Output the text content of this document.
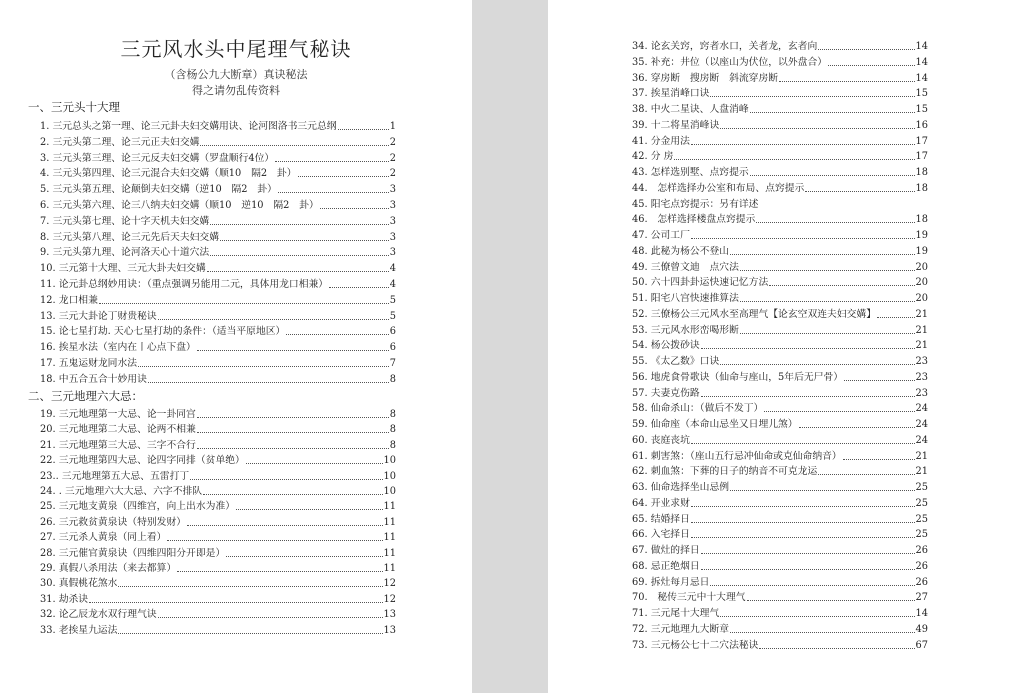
三元风水头中尾理气秘诀
（含杨公九大断章）真诀秘法
得之请勿乱传资料
一、三元头十大理
1. 三元总头之第一理、论三元卦夫妇交媾用诀、论河图洛书三元总纲	1
2. 三元头第二理、论三元正夫妇交媾	2
3. 三元头第三理、论三元反夫妇交媾（罗盘顺行4位）	2
4. 三元头第四理、论三元混合夫妇交媾（顺10　隔2　卦）	2
5. 三元头第五理、论颠倒夫妇交媾（逆10　隔2　卦）	3
6. 三元头第六理、论三八纳夫妇交媾（顺10　逆10　隔2　卦）	3
7. 三元头第七理、论十字天机夫妇交媾	3
8. 三元头第八理、论三元先后天夫妇交媾	3
9. 三元头第九理、论河洛天心十道穴法	3
10. 三元第十大理、三元大卦夫妇交媾	4
11. 论元卦总纲妙用诀：（重点强调另能用二元，具体用龙口相兼）	4
12. 龙口相兼	5
13. 三元大卦论丁财贵秘诀	5
15. 论七星打劫. 天心七星打劫的条件：（适当平原地区）	6
16. 挨星水法（室内在丨心点下盘）	6
17. 五鬼运财龙同水法	7
18. 中五合五合十妙用诀	8
二、三元地理六大忌：
19. 三元地理第一大忌、论一卦同宫	8
20. 三元地理第二大忌、论两不相兼	8
21. 三元地理第三大忌、三字不合行	8
22. 三元地理第四大忌、论四字同排（贫单绝）	10
23.. 三元地理第五大忌、五雷打丁	10
24. . 三元地理六大大忌、六字不排队	10
25. 三元地支黄泉（四维宫，向上出水为准）	11
26. 三元救贫黄泉诀（特别发财）	11
27. 三元杀人黄泉（同上看）	11
28. 三元催官黄泉诀（四维四阳分开即是）	11
29. 真假八杀用法（来去都算）	11
30. 真假桃花煞水	12
31. 劫杀诀	12
32. 论乙辰龙水双行理气诀	13
33. 老挨星九运法	13
34. 论玄关窍，窍者水口，关者龙，玄者向	14
35. 补充：井位（以座山为伏位，以外盘合）	14
36. 穿房断　搜房断　斜流穿房断	14
37. 挨星消峰口诀	15
38. 中火二星诀、人盘消峰	15
39. 十二将星消峰诀	16
41. 分金用法	17
42. 分 房	17
43. 怎样选别墅、点窍提示	18
44.　怎样选择办公室和布局、点窍提示	18
45. 阳宅点窍提示：另有详述
46.　怎样选择楼盘点窍提示	18
47. 公司工厂	19
48. 此秘为杨公不登山	19
49. 三僚曾文迪　点穴法	20
50. 六十四卦卦运快速记忆方法	20
51. 阳宅八宫快速推算法	20
52. 三僚杨公三元风水至高理气【论玄空双连夫妇交媾】	21
53. 三元风水形峦喝形断	21
54. 杨公拨砂诀	21
55. 《太乙数》口诀	23
56. 地虎食骨歌诀（仙命与座山，5年后无尸骨）	23
57. 夫妻克伤路	23
58. 仙命杀山：（做后不发丁）	24
59. 仙命座（本命山忌坐又日埋儿煞）	24
60. 丧庭丧坑	24
61. 刺害煞：（座山五行忌冲仙命或克仙命纳音）	21
62. 刺血煞：下葬的日子的纳音不可克龙运	21
63. 仙命选择坐山忌例	25
64. 开业求财	25
65. 结婚择日	25
66. 入宅择日	25
67. 做灶的择日	26
68. 忌正绝烟日	26
69. 拆灶每月忌日	26
70.　秘传三元中十大理气	27
71. 三元尾十大理气	14
72. 三元地理九大断章	49
73. 三元杨公七十二穴法秘诀	67
